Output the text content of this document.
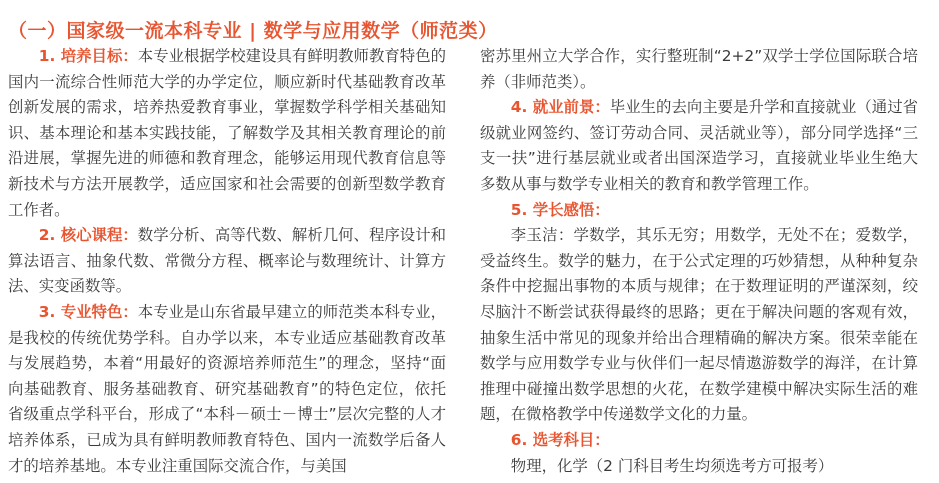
（一）国家级一流本科专业 | 数学与应用数学（师范类）

1. 培养目标：本专业根据学校建设具有鲜明教师教育特色的国内一流综合性师范大学的办学定位，顺应新时代基础教育改革创新发展的需求，培养热爱教育事业，掌握数学科学相关基础知识、基本理论和基本实践技能，了解数学及其相关教育理论的前沿进展，掌握先进的师德和教育理念，能够运用现代教育信息等新技术与方法开展教学，适应国家和社会需要的创新型数学教育工作者。

2. 核心课程：数学分析、高等代数、解析几何、程序设计和算法语言、抽象代数、常微分方程、概率论与数理统计、计算方法、实变函数等。

3. 专业特色：本专业是山东省最早建立的师范类本科专业，是我校的传统优势学科。自办学以来，本专业适应基础教育改革与发展趋势，本着“用最好的资源培养师范生”的理念，坚持“面向基础教育、服务基础教育、研究基础教育”的特色定位，依托省级重点学科平台，形成了“本科－硕士－博士”层次完整的人才培养体系，已成为具有鲜明教师教育特色、国内一流数学后备人才的培养基地。本专业注重国际交流合作，与美国

密苏里州立大学合作，实行整班制“2+2”双学士学位国际联合培养（非师范类）。

4. 就业前景：毕业生的去向主要是升学和直接就业（通过省级就业网签约、签订劳动合同、灵活就业等），部分同学选择“三支一扶”进行基层就业或者出国深造学习，直接就业毕业生绝大多数从事与数学专业相关的教育和教学管理工作。

5. 学长感悟：

李玉洁：学数学，其乐无穷；用数学，无处不在；爱数学，受益终生。数学的魅力，在于公式定理的巧妙猜想，从种种复杂条件中挖掘出事物的本质与规律；在于数理证明的严谨深刻，绞尽脑汁不断尝试获得最终的思路；更在于解决问题的客观有效，抽象生活中常见的现象并给出合理精确的解决方案。很荣幸能在数学与应用数学专业与伙伴们一起尽情遨游数学的海洋，在计算推理中碰撞出数学思想的火花，在数学建模中解决实际生活的难题，在微格教学中传递数学文化的力量。

6. 选考科目：

物理，化学（2 门科目考生均须选考方可报考）
